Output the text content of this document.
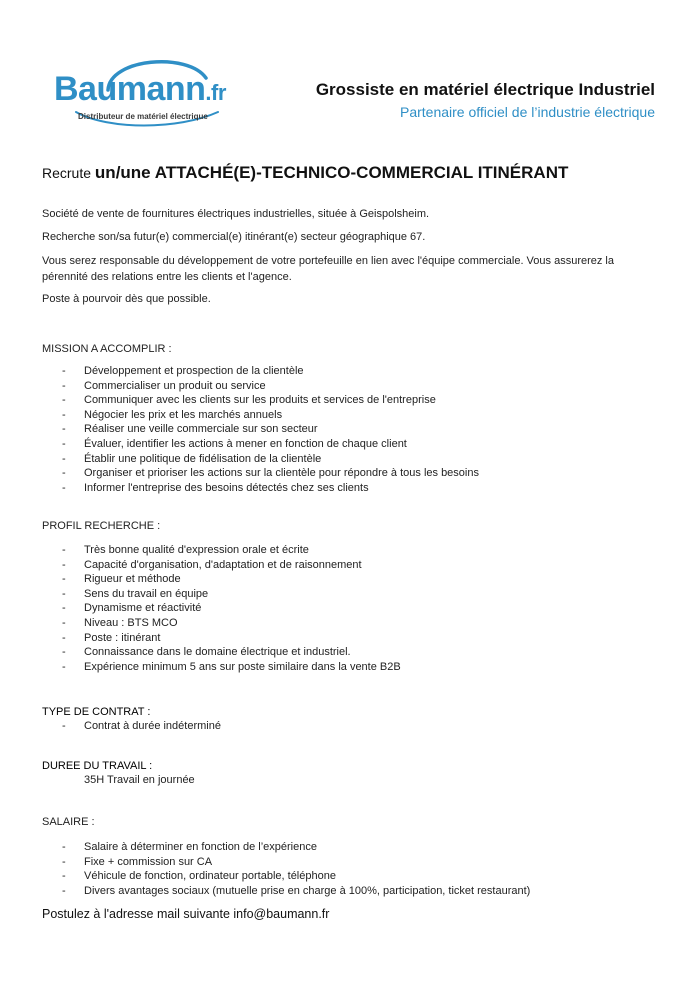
Baumann.fr
Distributeur de matériel électrique
Grossiste en matériel électrique Industriel
Partenaire officiel de l’industrie électrique
Recrute un/une ATTACHÉ(E)-TECHNICO-COMMERCIAL ITINÉRANT
Société de vente de fournitures électriques industrielles, située à Geispolsheim.
Recherche son/sa futur(e) commercial(e) itinérant(e) secteur géographique 67.
Vous serez responsable du développement de votre portefeuille en lien avec l'équipe commerciale. Vous assurerez la pérennité des relations entre les clients et l'agence.
Poste à pourvoir dès que possible.
MISSION A ACCOMPLIR :
- Développement et prospection de la clientèle
- Commercialiser un produit ou service
- Communiquer avec les clients sur les produits et services de l'entreprise
- Négocier les prix et les marchés annuels
- Réaliser une veille commerciale sur son secteur
- Évaluer, identifier les actions à mener en fonction de chaque client
- Établir une politique de fidélisation de la clientèle
- Organiser et prioriser les actions sur la clientèle pour répondre à tous les besoins
- Informer l'entreprise des besoins détectés chez ses clients
PROFIL RECHERCHE :
- Très bonne qualité d'expression orale et écrite
- Capacité d'organisation, d'adaptation et de raisonnement
- Rigueur et méthode
- Sens du travail en équipe
- Dynamisme et réactivité
- Niveau : BTS MCO
- Poste : itinérant
- Connaissance dans le domaine électrique et industriel.
- Expérience minimum 5 ans sur poste similaire dans la vente B2B
TYPE DE CONTRAT :
- Contrat à durée indéterminé
DUREE DU TRAVAIL :
35H Travail en journée
SALAIRE :
- Salaire à déterminer en fonction de l’expérience
- Fixe + commission sur CA
- Véhicule de fonction, ordinateur portable, téléphone
- Divers avantages sociaux (mutuelle prise en charge à 100%, participation, ticket restaurant)
Postulez à l'adresse mail suivante info@baumann.fr
